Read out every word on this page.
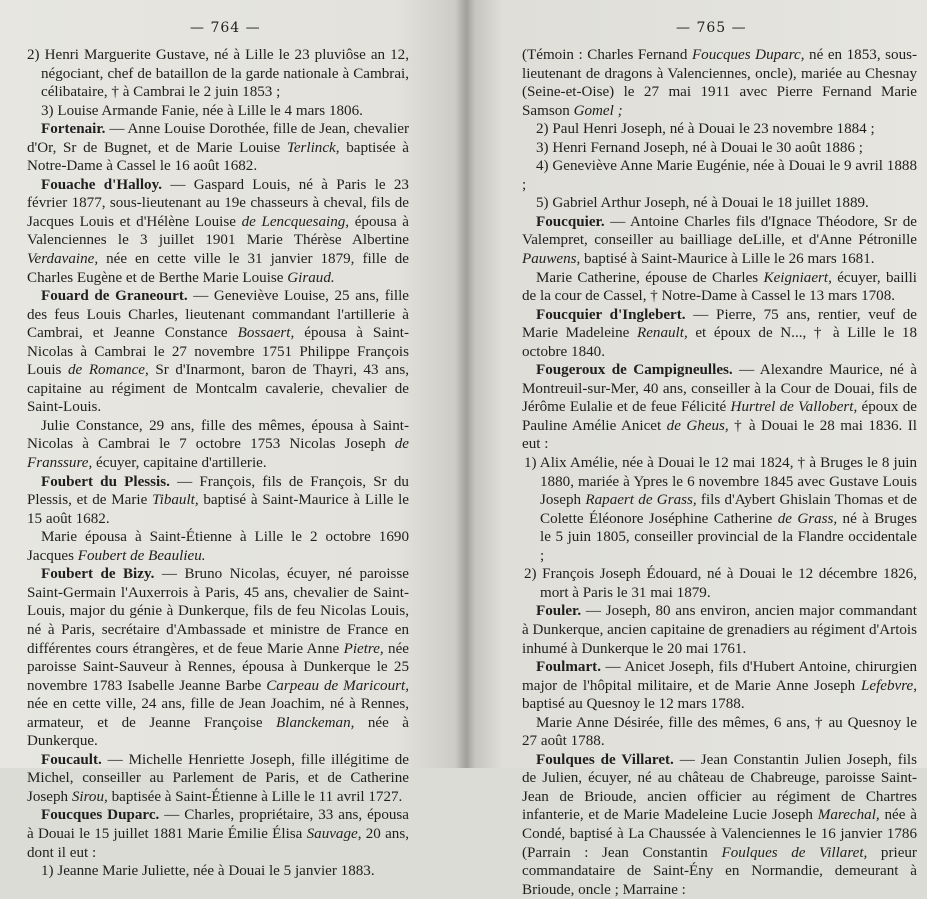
— 764 —

2) Henri Marguerite Gustave, né à Lille le 23 pluviôse an 12, négociant, chef de bataillon de la garde nationale à Cambrai, célibataire, † à Cambrai le 2 juin 1853 ;

3) Louise Armande Fanie, née à Lille le 4 mars 1806.

Fortenair. — Anne Louise Dorothée, fille de Jean, chevalier d'Or, Sr de Bugnet, et de Marie Louise Terlinck, baptisée à Notre-Dame à Cassel le 16 août 1682.

Fouache d'Halloy. — Gaspard Louis, né à Paris le 23 février 1877, sous-lieutenant au 19e chasseurs à cheval, fils de Jacques Louis et d'Hélène Louise de Lencquesaing, épousa à Valenciennes le 3 juillet 1901 Marie Thérèse Albertine Verdavaine, née en cette ville le 31 janvier 1879, fille de Charles Eugène et de Berthe Marie Louise Giraud.

Fouard de Graneourt. — Geneviève Louise, 25 ans, fille des feus Louis Charles, lieutenant commandant l'artillerie à Cambrai, et Jeanne Constance Bossaert, épousa à Saint-Nicolas à Cambrai le 27 novembre 1751 Philippe François Louis de Romance, Sr d'Inarmont, baron de Thayri, 43 ans, capitaine au régiment de Montcalm cavalerie, chevalier de Saint-Louis.

Julie Constance, 29 ans, fille des mêmes, épousa à Saint-Nicolas à Cambrai le 7 octobre 1753 Nicolas Joseph de Franssure, écuyer, capitaine d'artillerie.

Foubert du Plessis. — François, fils de François, Sr du Plessis, et de Marie Tibault, baptisé à Saint-Maurice à Lille le 15 août 1682.

Marie épousa à Saint-Étienne à Lille le 2 octobre 1690 Jacques Foubert de Beaulieu.

Foubert de Bizy. — Bruno Nicolas, écuyer, né paroisse Saint-Germain l'Auxerrois à Paris, 45 ans, chevalier de Saint-Louis, major du génie à Dunkerque, fils de feu Nicolas Louis, né à Paris, secrétaire d'Ambassade et ministre de France en différentes cours étrangères, et de feue Marie Anne Pietre, née paroisse Saint-Sauveur à Rennes, épousa à Dunkerque le 25 novembre 1783 Isabelle Jeanne Barbe Carpeau de Maricourt, née en cette ville, 24 ans, fille de Jean Joachim, né à Rennes, armateur, et de Jeanne Françoise Blanckeman, née à Dunkerque.

Foucault. — Michelle Henriette Joseph, fille illégitime de Michel, conseiller au Parlement de Paris, et de Catherine Joseph Sirou, baptisée à Saint-Étienne à Lille le 11 avril 1727.

Foucques Duparc. — Charles, propriétaire, 33 ans, épousa à Douai le 15 juillet 1881 Marie Émilie Élisa Sauvage, 20 ans, dont il eut :

1) Jeanne Marie Juliette, née à Douai le 5 janvier 1883.

— 765 —

(Témoin : Charles Fernand Foucques Duparc, né en 1853, sous-lieutenant de dragons à Valenciennes, oncle), mariée au Chesnay (Seine-et-Oise) le 27 mai 1911 avec Pierre Fernand Marie Samson Gomel ;

2) Paul Henri Joseph, né à Douai le 23 novembre 1884 ;

3) Henri Fernand Joseph, né à Douai le 30 août 1886 ;

4) Geneviève Anne Marie Eugénie, née à Douai le 9 avril 1888 ;

5) Gabriel Arthur Joseph, né à Douai le 18 juillet 1889.

Foucquier. — Antoine Charles fils d'Ignace Théodore, Sr de Valempret, conseiller au bailliage deLille, et d'Anne Pétronille Pauwens, baptisé à Saint-Maurice à Lille le 26 mars 1681.

Marie Catherine, épouse de Charles Keigniaert, écuyer, bailli de la cour de Cassel, † Notre-Dame à Cassel le 13 mars 1708.

Foucquier d'Inglebert. — Pierre, 75 ans, rentier, veuf de Marie Madeleine Renault, et époux de N..., † à Lille le 18 octobre 1840.

Fougeroux de Campigneulles. — Alexandre Maurice, né à Montreuil-sur-Mer, 40 ans, conseiller à la Cour de Douai, fils de Jérôme Eulalie et de feue Félicité Hurtrel de Vallobert, époux de Pauline Amélie Anicet de Gheus, † à Douai le 28 mai 1836. Il eut :

1) Alix Amélie, née à Douai le 12 mai 1824, † à Bruges le 8 juin 1880, mariée à Ypres le 6 novembre 1845 avec Gustave Louis Joseph Rapaert de Grass, fils d'Aybert Ghislain Thomas et de Colette Éléonore Joséphine Catherine de Grass, né à Bruges le 5 juin 1805, conseiller provincial de la Flandre occidentale ;

2) François Joseph Édouard, né à Douai le 12 décembre 1826, mort à Paris le 31 mai 1879.

Fouler. — Joseph, 80 ans environ, ancien major commandant à Dunkerque, ancien capitaine de grenadiers au régiment d'Artois inhumé à Dunkerque le 20 mai 1761.

Foulmart. — Anicet Joseph, fils d'Hubert Antoine, chirurgien major de l'hôpital militaire, et de Marie Anne Joseph Lefebvre, baptisé au Quesnoy le 12 mars 1788.

Marie Anne Désirée, fille des mêmes, 6 ans, † au Quesnoy le 27 août 1788.

Foulques de Villaret. — Jean Constantin Julien Joseph, fils de Julien, écuyer, né au château de Chabreuge, paroisse Saint-Jean de Brioude, ancien officier au régiment de Chartres infanterie, et de Marie Madeleine Lucie Joseph Marechal, née à Condé, baptisé à La Chaussée à Valenciennes le 16 janvier 1786 (Parrain : Jean Constantin Foulques de Villaret, prieur commandataire de Saint-Ény en Normandie, demeurant à Brioude, oncle ; Marraine :
